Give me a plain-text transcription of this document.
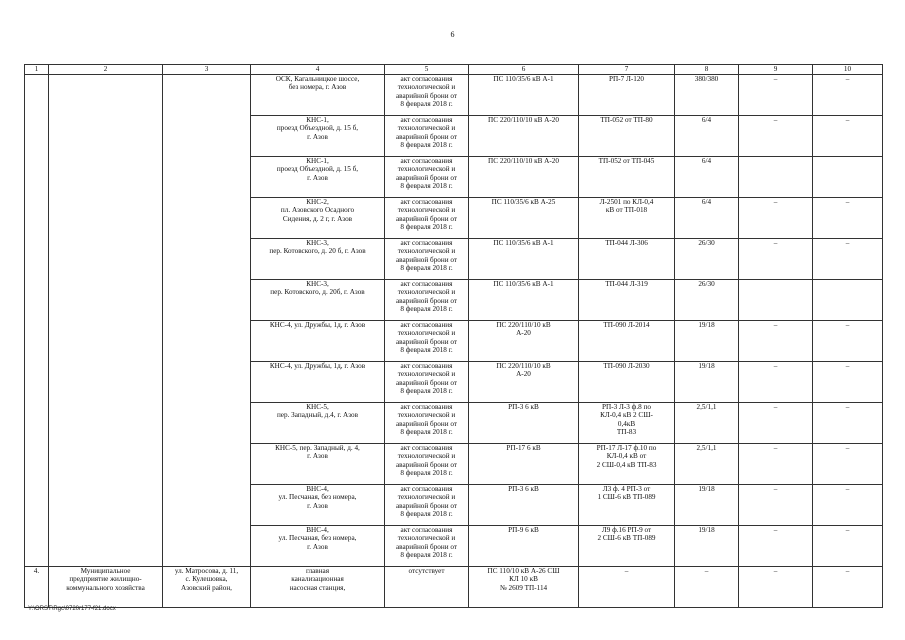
6
1	2	3	4	5	6	7	8	9	10

			ОСК, Кагальницкое шоссе,
без номера, г. Азов	акт согласования
технологической и
аварийной брони от
8 февраля 2018 г.	ПС 110/35/6 кВ А-1	РП-7 Л-120	380/380	–	–

			КНС-1,
проезд Объездной, д. 15 б,
г. Азов	акт согласования
технологической и
аварийной брони от
8 февраля 2018 г.	ПС 220/110/10 кВ А-20	ТП-052 от ТП-80	6/4	–	–

			КНС-1,
проезд Объездной, д. 15 б,
г. Азов	акт согласования
технологической и
аварийной брони от
8 февраля 2018 г.	ПС 220/110/10 кВ А-20	ТП-052 от ТП-045	6/4		

			КНС-2,
пл. Азовского Осадного
Сидения, д. 2 г, г. Азов	акт согласования
технологической и
аварийной брони от
8 февраля 2018 г.	ПС 110/35/6 кВ А-25	Л-2501 по КЛ-0,4
кВ от ТП-018	6/4	–	–

			КНС-3,
пер. Котовского, д. 20 б, г. Азов	акт согласования
технологической и
аварийной брони от
8 февраля 2018 г.	ПС 110/35/6 кВ А-1	ТП-044 Л-306	26/30	–	–

			КНС-3,
пер. Котовского, д. 20б, г. Азов	акт согласования
технологической и
аварийной брони от
8 февраля 2018 г.	ПС 110/35/6 кВ А-1	ТП-044 Л-319	26/30		

			КНС-4, ул. Дружбы, 1д, г. Азов	акт согласования
технологической и
аварийной брони от
8 февраля 2018 г.	ПС 220/110/10 кВ
А-20	ТП-090 Л-2014	19/18	–	–

			КНС-4, ул. Дружбы, 1д, г. Азов	акт согласования
технологической и
аварийной брони от
8 февраля 2018 г.	ПС 220/110/10 кВ
А-20	ТП-090 Л-2030	19/18	–	–

			КНС-5,
пер. Западный, д.4, г. Азов	акт согласования
технологической и
аварийной брони от
8 февраля 2018 г.	РП-3 6 кВ	РП-3 Л-3 ф.8 по
КЛ-0,4 кВ 2 СШ-
0,4кВ
ТП-83	2,5/1,1	–	–

			КНС-5, пер. Западный, д. 4,
г. Азов	акт согласования
технологической и
аварийной брони от
8 февраля 2018 г.	РП-17 6 кВ	РП-17 Л-17 ф.10 по
КЛ-0,4 кВ от
2 СШ-0,4 кВ ТП-83	2,5/1,1	–	–

			ВНС-4,
ул. Песчаная, без номера,
г. Азов	акт согласования
технологической и
аварийной брони от
8 февраля 2018 г.	РП-3 6 кВ	Л3 ф. 4 РП-3 от
1 СШ-6 кВ ТП-089	19/18	–	–

			ВНС-4,
ул. Песчаная, без номера,
г. Азов	акт согласования
технологической и
аварийной брони от
8 февраля 2018 г.	РП-9 6 кВ	Л9 ф.16 РП-9 от
2 СШ-6 кВ ТП-089	19/18	–	–
4.	Муниципальное
предприятие жилищно-
коммунального хозяйства	ул. Матросова, д. 11,
с. Кулешовка,
Азовский район,	главная
канализационная
насосная станция,	отсутствует	ПС 110/10 кВ А-26 СШ
КЛ 10 кВ
№ 2609 ТП-114	–	–	–	–
Y:\ORST\Rgc\0720r177-f21.docx
